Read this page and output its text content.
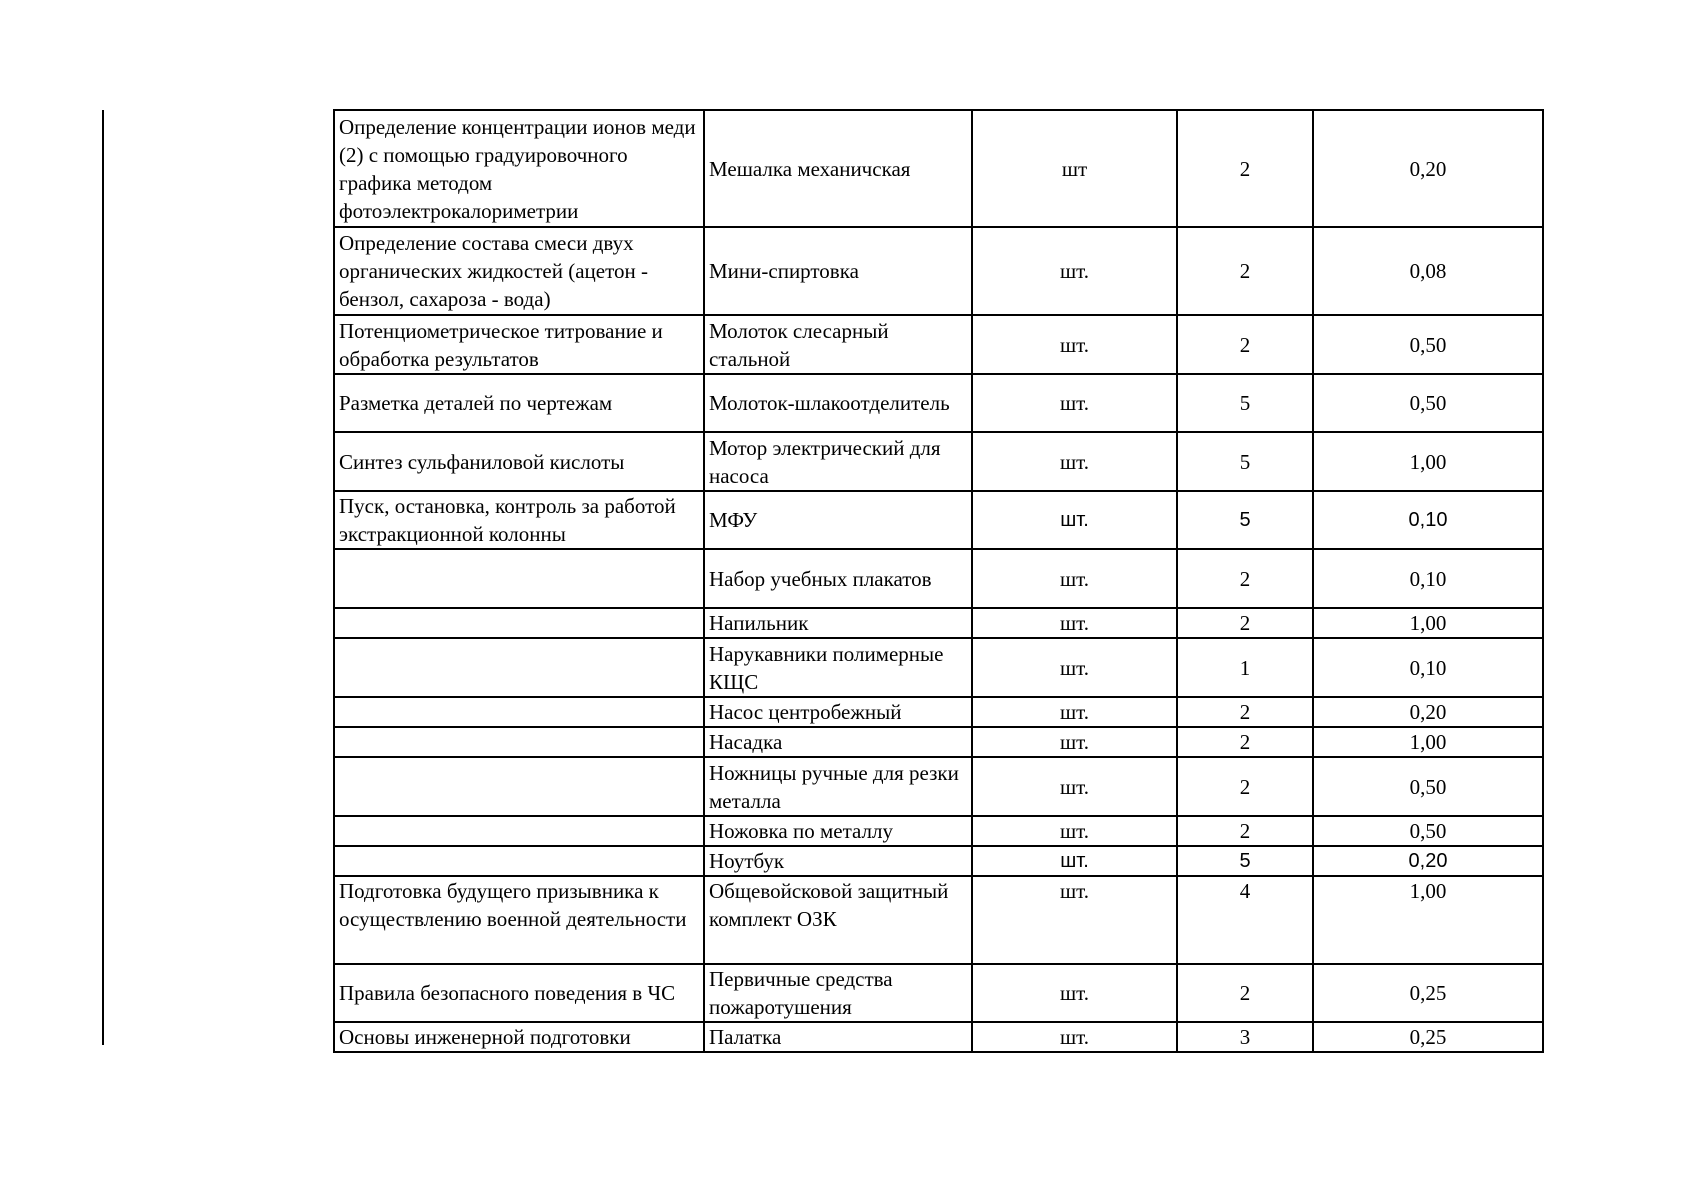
Определение концентрации ионов меди (2) с помощью градуировочного графика методом фотоэлектрокалориметрии	Мешалка механичская	шт	2	0,20
Определение состава смеси двух органических жидкостей (ацетон - бензол, сахароза - вода)	Мини-спиртовка	шт.	2	0,08
Потенциометрическое титрование и обработка результатов	Молоток слесарный стальной	шт.	2	0,50
Разметка деталей по чертежам	Молоток-шлакоотделитель	шт.	5	0,50
Синтез сульфаниловой кислоты	Мотор электрический для насоса	шт.	5	1,00
Пуск, остановка, контроль за работой экстракционной колонны	МФУ	шт.	5	0,10
	Набор учебных плакатов	шт.	2	0,10
	Напильник	шт.	2	1,00
	Нарукавники полимерные КЩС	шт.	1	0,10
	Насос центробежный	шт.	2	0,20
	Насадка	шт.	2	1,00
	Ножницы ручные для резки металла	шт.	2	0,50
	Ножовка по металлу	шт.	2	0,50
	Ноутбук	шт.	5	0,20
Подготовка будущего призывника к осуществлению военной деятельности	Общевойсковой защитный комплект ОЗК	шт.	4	1,00
Правила безопасного поведения в ЧС	Первичные средства пожаротушения	шт.	2	0,25
Основы инженерной подготовки	Палатка	шт.	3	0,25
